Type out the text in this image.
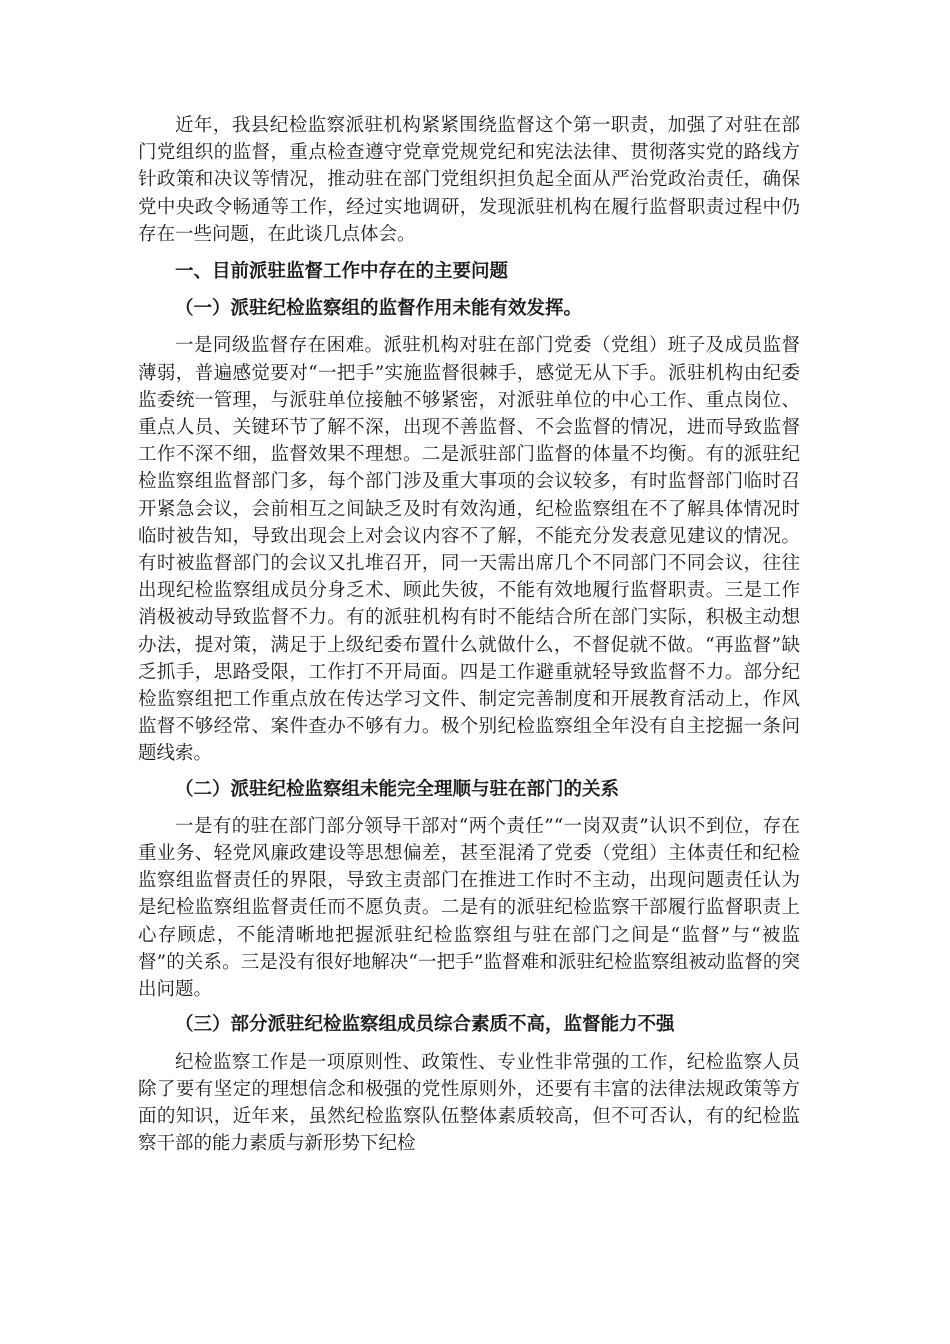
近年，我县纪检监察派驻机构紧紧围绕监督这个第一职责，加强了对驻在部门党组织的监督，重点检查遵守党章党规党纪和宪法法律、贯彻落实党的路线方针政策和决议等情况，推动驻在部门党组织担负起全面从严治党政治责任，确保党中央政令畅通等工作，经过实地调研，发现派驻机构在履行监督职责过程中仍存在一些问题，在此谈几点体会。

一、目前派驻监督工作中存在的主要问题

（一）派驻纪检监察组的监督作用未能有效发挥。

一是同级监督存在困难。派驻机构对驻在部门党委（党组）班子及成员监督薄弱，普遍感觉要对“一把手”实施监督很棘手，感觉无从下手。派驻机构由纪委监委统一管理，与派驻单位接触不够紧密，对派驻单位的中心工作、重点岗位、重点人员、关键环节了解不深，出现不善监督、不会监督的情况，进而导致监督工作不深不细，监督效果不理想。二是派驻部门监督的体量不均衡。有的派驻纪检监察组监督部门多，每个部门涉及重大事项的会议较多，有时监督部门临时召开紧急会议，会前相互之间缺乏及时有效沟通，纪检监察组在不了解具体情况时临时被告知，导致出现会上对会议内容不了解，不能充分发表意见建议的情况。有时被监督部门的会议又扎堆召开，同一天需出席几个不同部门不同会议，往往出现纪检监察组成员分身乏术、顾此失彼，不能有效地履行监督职责。三是工作消极被动导致监督不力。有的派驻机构有时不能结合所在部门实际，积极主动想办法，提对策，满足于上级纪委布置什么就做什么，不督促就不做。“再监督”缺乏抓手，思路受限，工作打不开局面。四是工作避重就轻导致监督不力。部分纪检监察组把工作重点放在传达学习文件、制定完善制度和开展教育活动上，作风监督不够经常、案件查办不够有力。极个别纪检监察组全年没有自主挖掘一条问题线索。

（二）派驻纪检监察组未能完全理顺与驻在部门的关系

一是有的驻在部门部分领导干部对“两个责任”“一岗双责”认识不到位，存在重业务、轻党风廉政建设等思想偏差，甚至混淆了党委（党组）主体责任和纪检监察组监督责任的界限，导致主责部门在推进工作时不主动，出现问题责任认为是纪检监察组监督责任而不愿负责。二是有的派驻纪检监察干部履行监督职责上心存顾虑，不能清晰地把握派驻纪检监察组与驻在部门之间是“监督”与“被监督”的关系。三是没有很好地解决“一把手”监督难和派驻纪检监察组被动监督的突出问题。

（三）部分派驻纪检监察组成员综合素质不高，监督能力不强

纪检监察工作是一项原则性、政策性、专业性非常强的工作，纪检监察人员除了要有坚定的理想信念和极强的党性原则外，还要有丰富的法律法规政策等方面的知识，近年来，虽然纪检监察队伍整体素质较高，但不可否认，有的纪检监察干部的能力素质与新形势下纪检
